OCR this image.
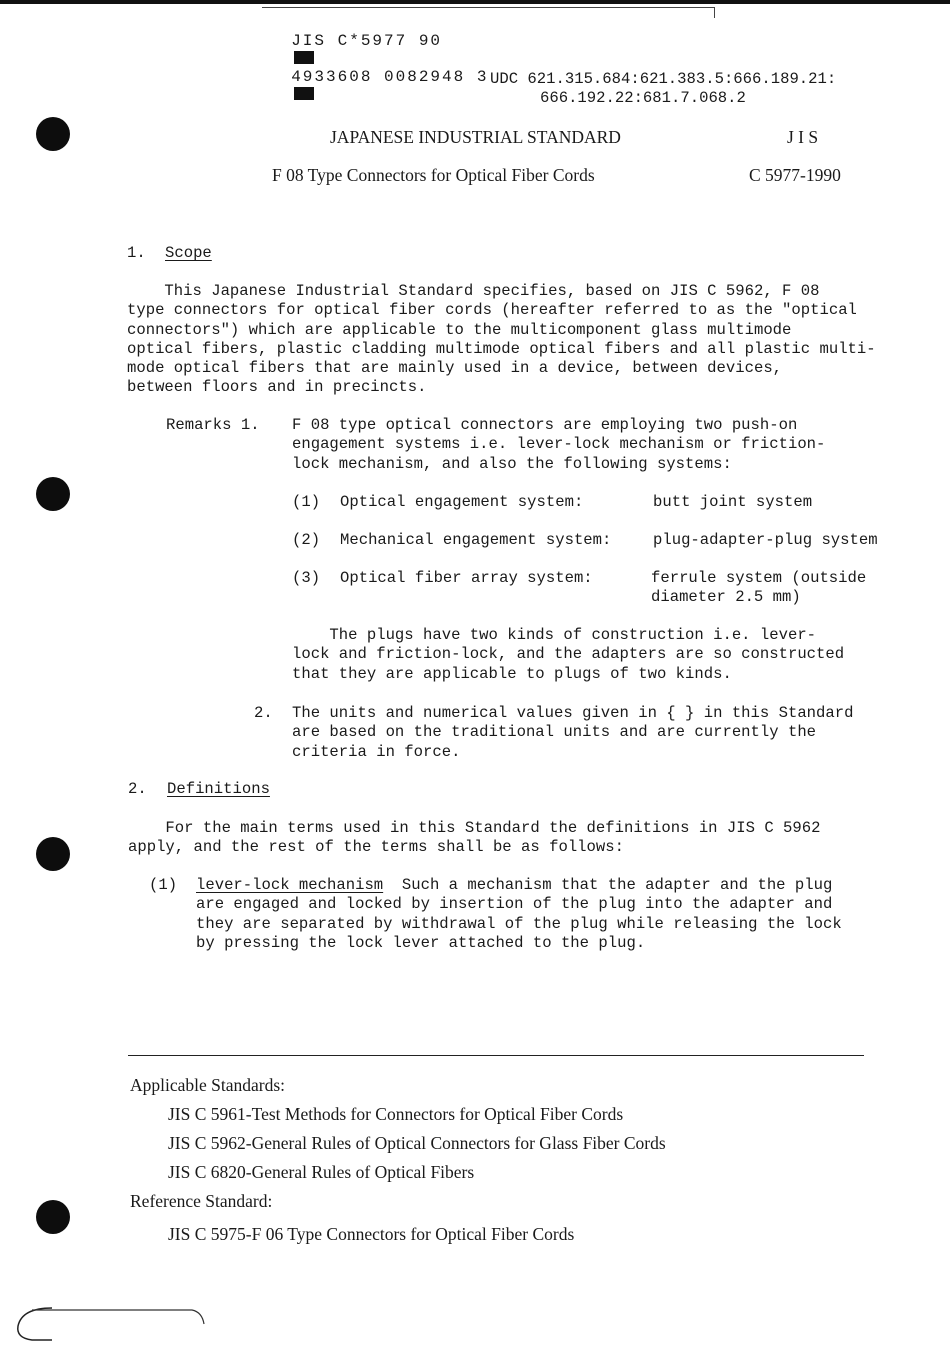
JIS C*5977 90

4933608 0082948 3
UDC 621.315.684:621.383.5:666.189.21:
666.192.22:681.7.068.2
JAPANESE INDUSTRIAL STANDARD	J I S
F 08 Type Connectors for Optical Fiber Cords	C 5977-1990
1. Scope
This Japanese Industrial Standard specifies, based on JIS C 5962, F 08
type connectors for optical fiber cords (hereafter referred to as the "optical
connectors") which are applicable to the multicomponent glass multimode
optical fibers, plastic cladding multimode optical fibers and all plastic multi-
mode optical fibers that are mainly used in a device, between devices,
between floors and in precincts.
Remarks 1. F 08 type optical connectors are employing two push-on
engagement systems i.e. lever-lock mechanism or friction-
lock mechanism, and also the following systems:
(1) Optical engagement system:	butt joint system
(2) Mechanical engagement system:	plug-adapter-plug system
(3) Optical fiber array system:	ferrule system (outside
diameter 2.5 mm)
The plugs have two kinds of construction i.e. lever-
lock and friction-lock, and the adapters are so constructed
that they are applicable to plugs of two kinds.
2. The units and numerical values given in { } in this Standard
are based on the traditional units and are currently the
criteria in force.
2. Definitions
For the main terms used in this Standard the definitions in JIS C 5962
apply, and the rest of the terms shall be as follows:
(1) lever-lock mechanism  Such a mechanism that the adapter and the plug
are engaged and locked by insertion of the plug into the adapter and
they are separated by withdrawal of the plug while releasing the lock
by pressing the lock lever attached to the plug.
Applicable Standards:
JIS C 5961-Test Methods for Connectors for Optical Fiber Cords
JIS C 5962-General Rules of Optical Connectors for Glass Fiber Cords
JIS C 6820-General Rules of Optical Fibers
Reference Standard:
JIS C 5975-F 06 Type Connectors for Optical Fiber Cords
